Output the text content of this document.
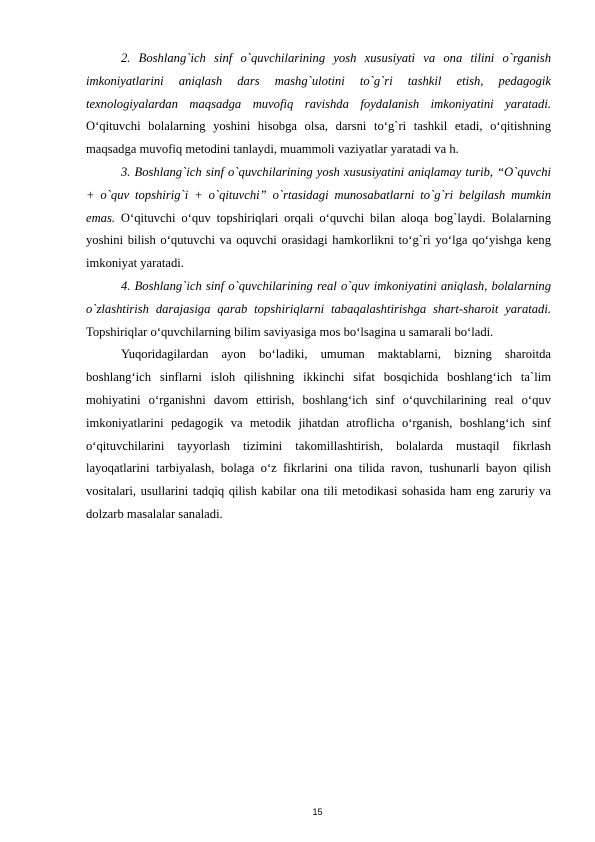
2. Boshlang`ich sinf o`quvchilarining yosh xususiyati va ona tilini o`rganish imkoniyatlarini aniqlash dars mashg`ulotini to`g`ri tashkil etish, pedagogik texnologiyalardan maqsadga muvofiq ravishda foydalanish imkoniyatini yaratadi. O‘qituvchi bolalarning yoshini hisobga olsa, darsni to‘g`ri tashkil etadi, o‘qitishning maqsadga muvofiq metodini tanlaydi, muammoli vaziyatlar yaratadi va h.

3. Boshlang`ich sinf o`quvchilarining yosh xususiyatini aniqlamay turib, “O`quvchi + o`quv topshirig`i + o`qituvchi” o`rtasidagi munosabatlarni to`g`ri belgilash mumkin emas. O‘qituvchi o‘quv topshiriqlari orqali o‘quvchi bilan aloqa bog`laydi. Bolalarning yoshini bilish o‘qutuvchi va oquvchi orasidagi hamkorlikni to‘g`ri yo‘lga qo‘yishga keng imkoniyat yaratadi.

4. Boshlang`ich sinf o`quvchilarining real o`quv imkoniyatini aniqlash, bolalarning o`zlashtirish darajasiga qarab topshiriqlarni tabaqalashtirishga shart-sharoit yaratadi. Topshiriqlar o‘quvchilarning bilim saviyasiga mos bo‘lsagina u samarali bo‘ladi.

Yuqoridagilardan ayon bo‘ladiki, umuman maktablarni, bizning sharoitda boshlang‘ich sinflarni isloh qilishning ikkinchi sifat bosqichida boshlang‘ich ta`lim mohiyatini o‘rganishni davom ettirish, boshlang‘ich sinf o‘quvchilarining real o‘quv imkoniyatlarini pedagogik va metodik jihatdan atroflicha o‘rganish, boshlang‘ich sinf o‘qituvchilarini tayyorlash tizimini takomillashtirish, bolalarda mustaqil fikrlash layoqatlarini tarbiyalash, bolaga o‘z fikrlarini ona tilida ravon, tushunarli bayon qilish vositalari, usullarini tadqiq qilish kabilar ona tili metodikasi sohasida ham eng zaruriy va dolzarb masalalar sanaladi.

15
